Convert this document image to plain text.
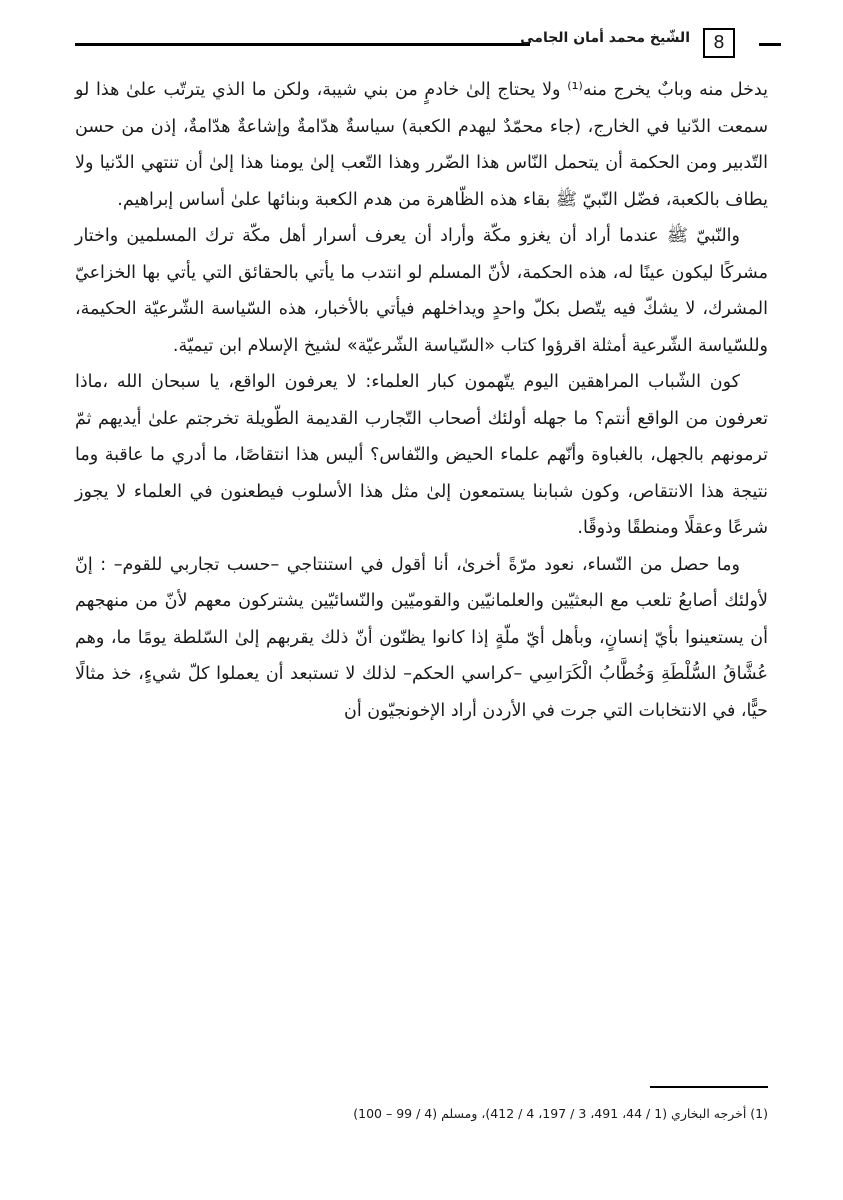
الشّيخ محمد أمان الجامي	8

يدخل منه وبابٌ يخرج منه⁽¹⁾ ولا يحتاج إلىٰ خادمٍ من بني شيبة، ولكن ما الذي يترتّب علىٰ هذا لو سمعت الدّنيا في الخارج، (جاء محمّدٌ ليهدم الكعبة) سياسةٌ هدّامةٌ وإشاعةٌ هدّامةٌ، إذن من حسن التّدبير ومن الحكمة أن يتحمل النّاس هذا الضّرر وهذا التّعب إلىٰ يومنا هذا إلىٰ أن تنتهي الدّنيا ولا يطاف بالكعبة، فضّل النّبيّ ﷺ بقاء هذه الظّاهرة من هدم الكعبة وبنائها علىٰ أساس إبراهيم.

والنّبيّ ﷺ عندما أراد أن يغزو مكّة وأراد أن يعرف أسرار أهل مكّة ترك المسلمين واختار مشركًا ليكون عينًا له، هذه الحكمة، لأنّ المسلم لو انتدب ما يأتي بالحقائق التي يأتي بها الخزاعيّ المشرك، لا يشكّ فيه يتّصل بكلّ واحدٍ ويداخلهم فيأتي بالأخبار، هذه السّياسة الشّرعيّة الحكيمة، وللسّياسة الشّرعية أمثلة اقرؤوا كتاب «السّياسة الشّرعيّة» لشيخ الإسلام ابن تيميّة.

كون الشّباب المراهقين اليوم يتّهمون كبار العلماء: لا يعرفون الواقع، يا سبحان الله ،ماذا تعرفون من الواقع أنتم؟ ما جهله أولئك أصحاب التّجارب القديمة الطّويلة تخرجتم علىٰ أيديهم ثمّ ترمونهم بالجهل، بالغباوة وأنّهم علماء الحيض والنّفاس؟ أليس هذا انتقاصًا، ما أدري ما عاقبة وما نتيجة هذا الانتقاص، وكون شبابنا يستمعون إلىٰ مثل هذا الأسلوب فيطعنون في العلماء لا يجوز شرعًا وعقلًا ومنطقًا وذوقًا.

وما حصل من النّساء، نعود مرّةً أخرىٰ، أنا أقول في استنتاجي –حسب تجاربي للقوم– : إنّ لأولئك أصابعُ تلعب مع البعثيّين والعلمانيّين والقوميّين والنّسائيّين يشتركون معهم لأنّ من منهجهم أن يستعينوا بأيّ إنسانٍ، وبأهل أيّ ملّةٍ إذا كانوا يظنّون أنّ ذلك يقربهم إلىٰ السّلطة يومًا ما، وهم عُشَّاقُ السُّلْطَةِ وَخُطَّابُ الْكَرَاسِي –كراسي الحكم– لذلك لا تستبعد أن يعملوا كلّ شيءٍ، خذ مثالًا حيًّا، في الانتخابات التي جرت في الأردن أراد الإخونجيّون أن

(1) أخرجه البخاري (1 / 44، 491، 3 / 197، 4 / 412)، ومسلم (4 / 99 – 100)
